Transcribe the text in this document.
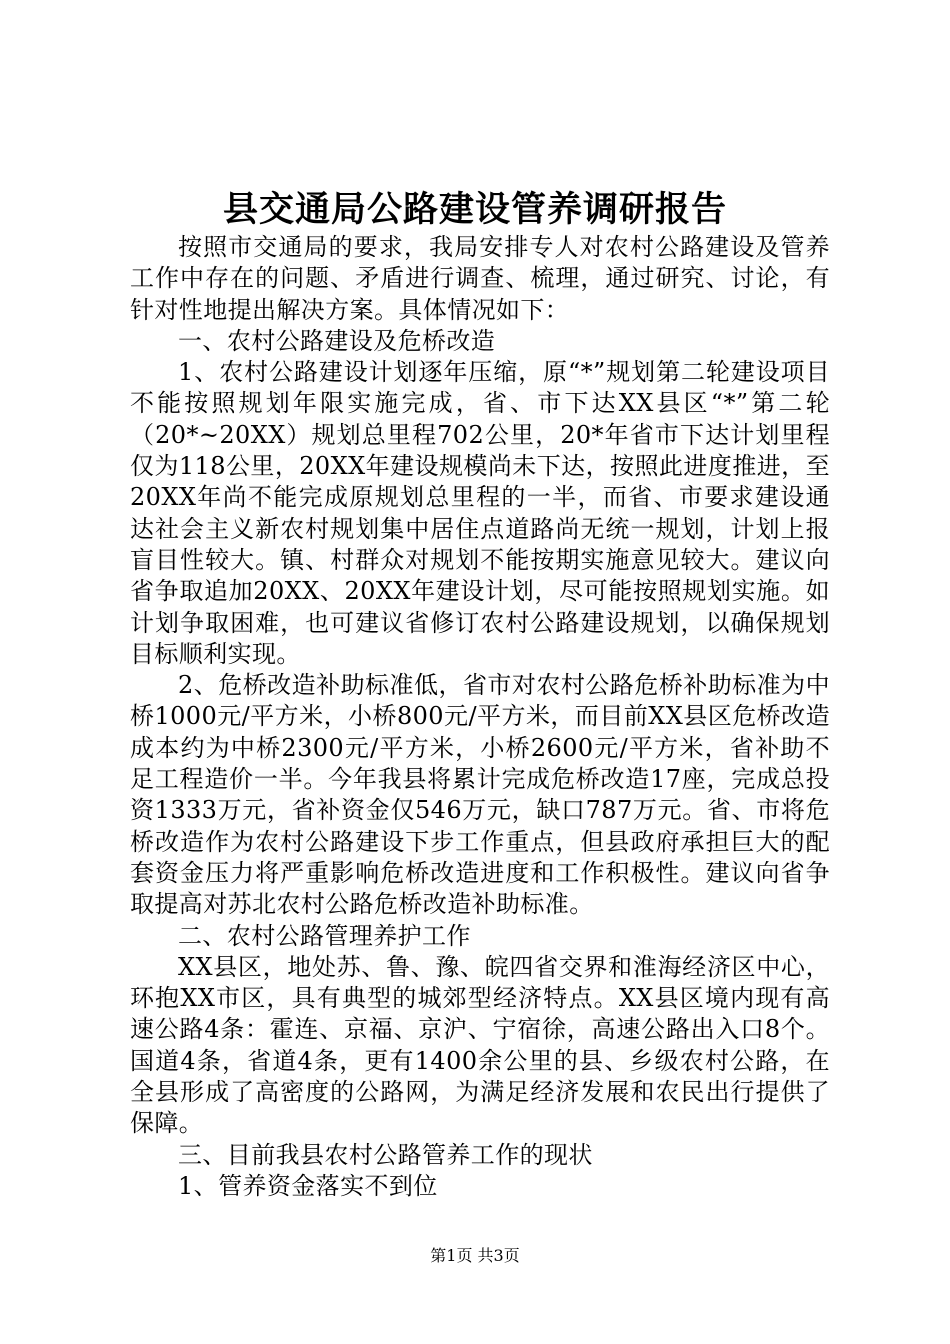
县交通局公路建设管养调研报告

按照市交通局的要求，我局安排专人对农村公路建设及管养工作中存在的问题、矛盾进行调查、梳理，通过研究、讨论，有针对性地提出解决方案。具体情况如下：

一、农村公路建设及危桥改造

1、农村公路建设计划逐年压缩，原“*”规划第二轮建设项目不能按照规划年限实施完成，省、市下达XX县区“*”第二轮（20*~20XX）规划总里程702公里，20*年省市下达计划里程仅为118公里，20XX年建设规模尚未下达，按照此进度推进，至20XX年尚不能完成原规划总里程的一半，而省、市要求建设通达社会主义新农村规划集中居住点道路尚无统一规划，计划上报盲目性较大。镇、村群众对规划不能按期实施意见较大。建议向省争取追加20XX、20XX年建设计划，尽可能按照规划实施。如计划争取困难，也可建议省修订农村公路建设规划，以确保规划目标顺利实现。

2、危桥改造补助标准低，省市对农村公路危桥补助标准为中桥1000元/平方米，小桥800元/平方米，而目前XX县区危桥改造成本约为中桥2300元/平方米，小桥2600元/平方米，省补助不足工程造价一半。今年我县将累计完成危桥改造17座，完成总投资1333万元，省补资金仅546万元，缺口787万元。省、市将危桥改造作为农村公路建设下步工作重点，但县政府承担巨大的配套资金压力将严重影响危桥改造进度和工作积极性。建议向省争取提高对苏北农村公路危桥改造补助标准。

二、农村公路管理养护工作

XX县区，地处苏、鲁、豫、皖四省交界和淮海经济区中心，环抱XX市区，具有典型的城郊型经济特点。XX县区境内现有高速公路4条：霍连、京福、京沪、宁宿徐，高速公路出入口8个。国道4条，省道4条，更有1400余公里的县、乡级农村公路，在全县形成了高密度的公路网，为满足经济发展和农民出行提供了保障。

三、目前我县农村公路管养工作的现状

1、管养资金落实不到位

第1页 共3页
